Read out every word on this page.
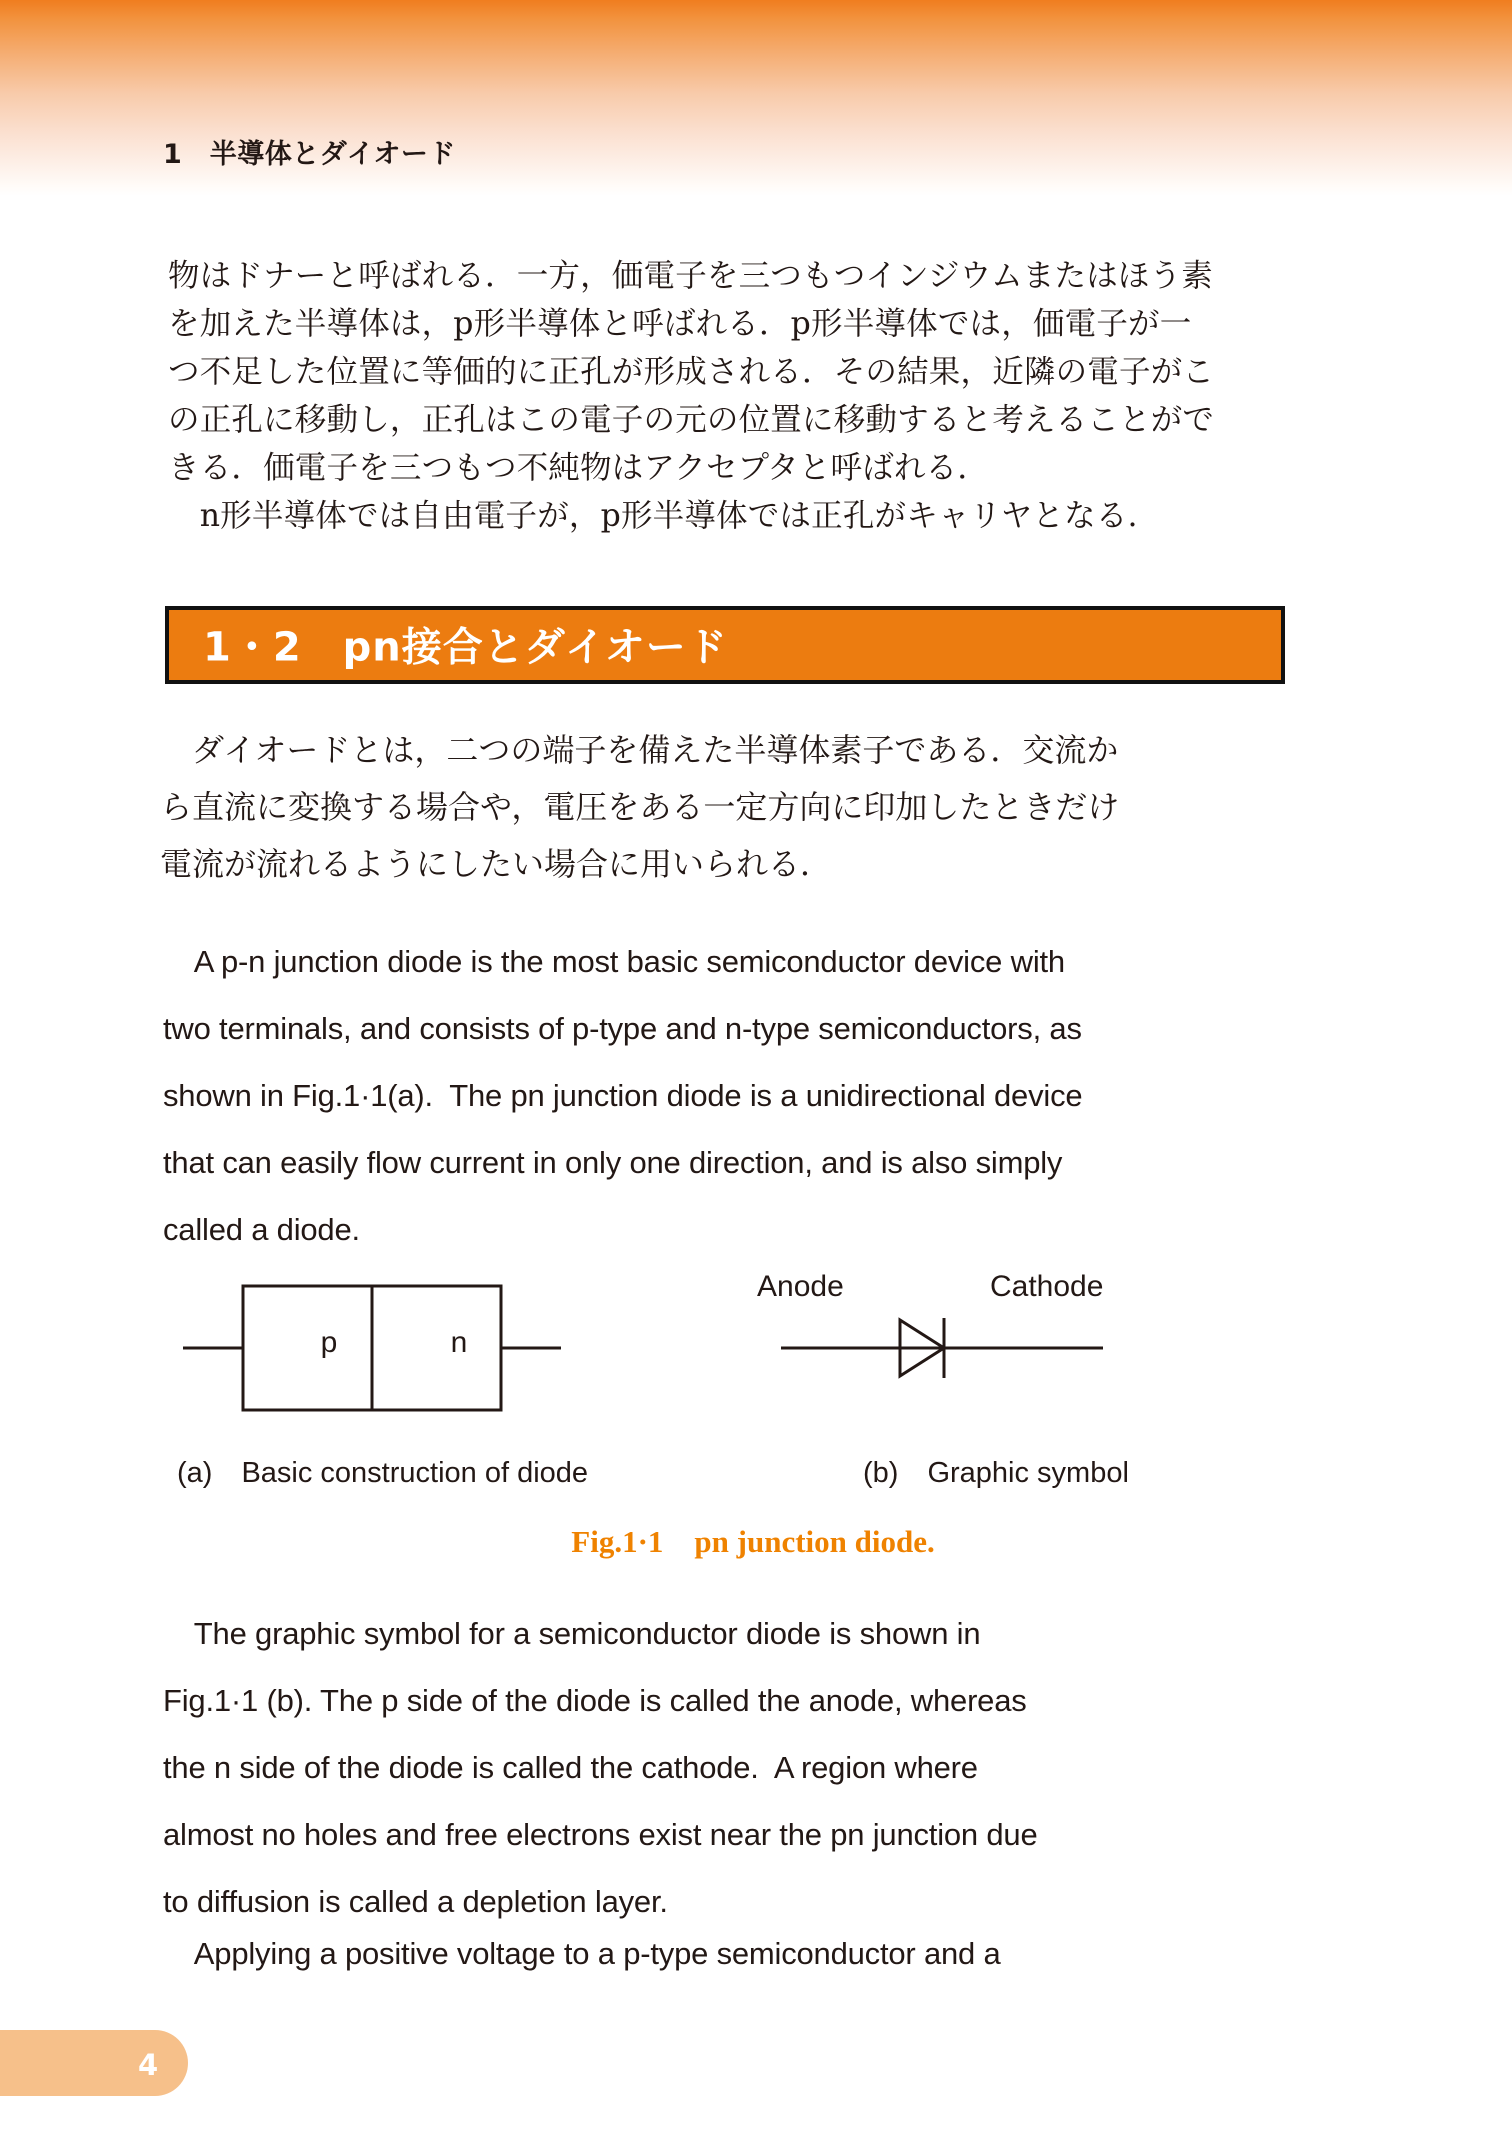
1　半導体とダイオード
物はドナーと呼ばれる．一方，価電子を三つもつインジウムまたはほう素
を加えた半導体は，p形半導体と呼ばれる．p形半導体では，価電子が一
つ不足した位置に等価的に正孔が形成される．その結果，近隣の電子がこ
の正孔に移動し，正孔はこの電子の元の位置に移動すると考えることがで
きる．価電子を三つもつ不純物はアクセプタと呼ばれる．
　n形半導体では自由電子が，p形半導体では正孔がキャリヤとなる.
1・2　pn接合とダイオード
　ダイオードとは，二つの端子を備えた半導体素子である．交流か
ら直流に変換する場合や，電圧をある一定方向に印加したときだけ
電流が流れるようにしたい場合に用いられる．
　A p-n junction diode is the most basic semiconductor device with
two terminals, and consists of p-type and n-type semiconductors, as
shown in Fig.1·1(a).  The pn junction diode is a unidirectional device
that can easily flow current in only one direction, and is also simply
called a diode.
p	n
Anode	Cathode
(a)　Basic construction of diode	(b)　Graphic symbol
Fig.1·1　pn junction diode.
　The graphic symbol for a semiconductor diode is shown in
Fig.1·1 (b). The p side of the diode is called the anode, whereas
the n side of the diode is called the cathode.  A region where
almost no holes and free electrons exist near the pn junction due
to diffusion is called a depletion layer.
　Applying a positive voltage to a p-type semiconductor and a
4
